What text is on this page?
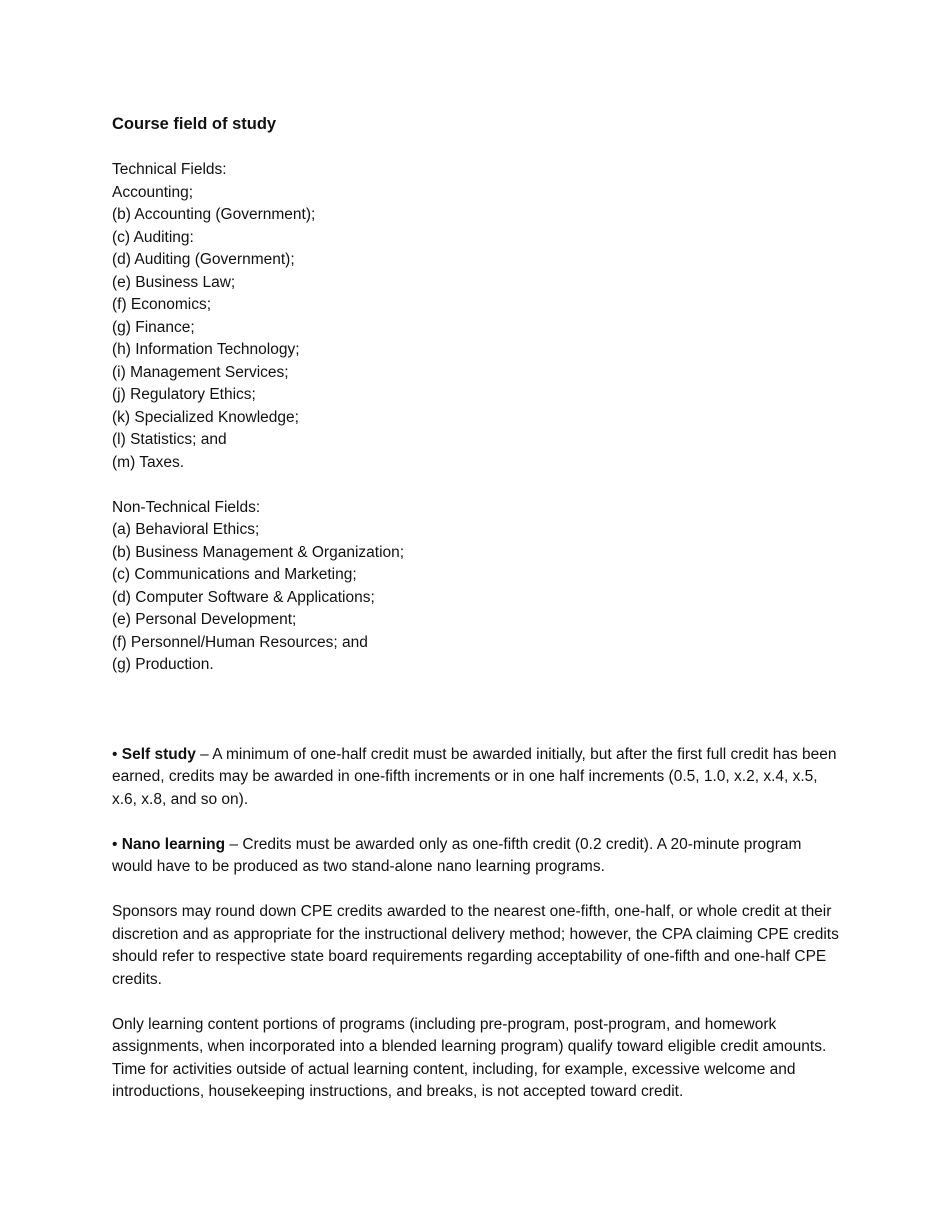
Course field of study
Technical Fields:
Accounting;
(b) Accounting (Government);
(c) Auditing:
(d) Auditing (Government);
(e) Business Law;
(f) Economics;
(g) Finance;
(h) Information Technology;
(i) Management Services;
(j) Regulatory Ethics;
(k) Specialized Knowledge;
(l) Statistics; and
(m) Taxes.
Non-Technical Fields:
(a) Behavioral Ethics;
(b) Business Management & Organization;
(c) Communications and Marketing;
(d) Computer Software & Applications;
(e) Personal Development;
(f) Personnel/Human Resources; and
(g) Production.

• Self study – A minimum of one-half credit must be awarded initially, but after the first full credit has been earned, credits may be awarded in one-fifth increments or in one half increments (0.5, 1.0, x.2, x.4, x.5, x.6, x.8, and so on).

• Nano learning – Credits must be awarded only as one-fifth credit (0.2 credit). A 20-minute program would have to be produced as two stand-alone nano learning programs.

Sponsors may round down CPE credits awarded to the nearest one-fifth, one-half, or whole credit at their discretion and as appropriate for the instructional delivery method; however, the CPA claiming CPE credits should refer to respective state board requirements regarding acceptability of one-fifth and one-half CPE credits.

Only learning content portions of programs (including pre-program, post-program, and homework assignments, when incorporated into a blended learning program) qualify toward eligible credit amounts. Time for activities outside of actual learning content, including, for example, excessive welcome and introductions, housekeeping instructions, and breaks, is not accepted toward credit.
